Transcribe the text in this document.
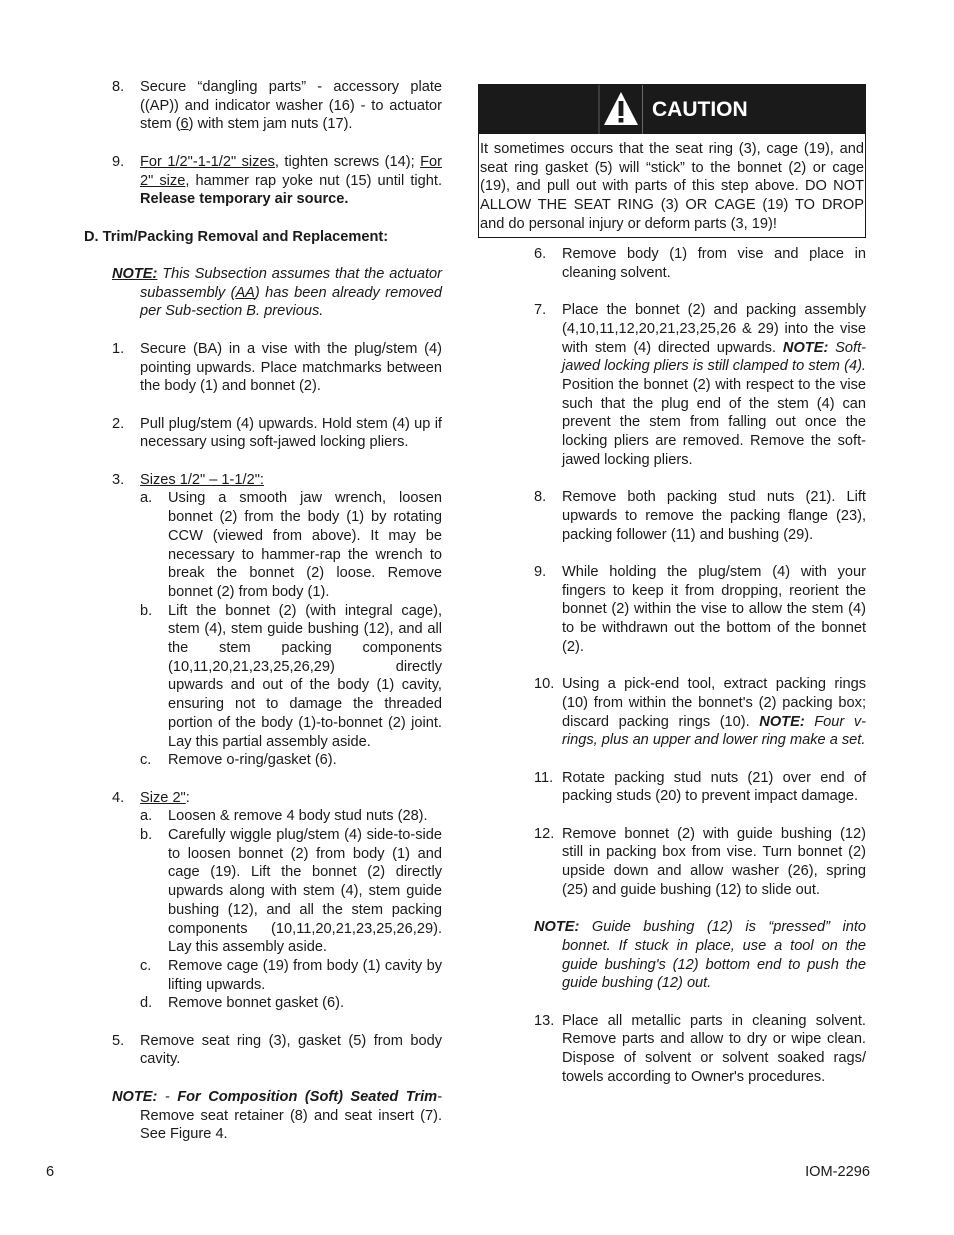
8. Secure “dangling parts” - accessory plate ((AP)) and indicator washer (16) - to actuator stem (6) with stem jam nuts (17).
9. For 1/2"-1-1/2" sizes, tighten screws (14); For 2" size, hammer rap yoke nut (15) until tight. Release temporary air source.
D. Trim/Packing Removal and Replacement:
NOTE: This Subsection assumes that the actuator subassembly (AA) has been already removed per Sub-section B. previous.
1. Secure (BA) in a vise with the plug/stem (4) pointing upwards. Place matchmarks between the body (1) and bonnet (2).
2. Pull plug/stem (4) upwards. Hold stem (4) up if necessary using soft-jawed locking pliers.
3. Sizes 1/2" – 1-1/2":
a. Using a smooth jaw wrench, loosen bonnet (2) from the body (1) by rotating CCW (viewed from above). It may be necessary to hammer-rap the wrench to break the bonnet (2) loose. Remove bonnet (2) from body (1).
b. Lift the bonnet (2) (with integral cage), stem (4), stem guide bushing (12), and all the stem packing components (10,11,20,21,23,25,26,29) directly upwards and out of the body (1) cavity, ensuring not to damage the threaded portion of the body (1)-to-bonnet (2) joint. Lay this partial assembly aside.
c. Remove o-ring/gasket (6).
4. Size 2":
a. Loosen & remove 4 body stud nuts (28).
b. Carefully wiggle plug/stem (4) side-to-side to loosen bonnet (2) from body (1) and cage (19). Lift the bonnet (2) directly upwards along with stem (4), stem guide bushing (12), and all the stem packing components (10,11,20,21,23,25,26,29). Lay this assembly aside.
c. Remove cage (19) from body (1) cavity by lifting upwards.
d. Remove bonnet gasket (6).
5. Remove seat ring (3), gasket (5) from body cavity.
NOTE: - For Composition (Soft) Seated Trim- Remove seat retainer (8) and seat insert (7). See Figure 4.
CAUTION
It sometimes occurs that the seat ring (3), cage (19), and seat ring gasket (5) will “stick” to the bonnet (2) or cage (19), and pull out with parts of this step above. DO NOT ALLOW THE SEAT RING (3) OR CAGE (19) TO DROP and do personal injury or deform parts (3, 19)!
6. Remove body (1) from vise and place in cleaning solvent.
7. Place the bonnet (2) and packing assembly (4,10,11,12,20,21,23,25,26 & 29) into the vise with stem (4) directed upwards. NOTE: Soft-jawed locking pliers is still clamped to stem (4). Position the bonnet (2) with respect to the vise such that the plug end of the stem (4) can prevent the stem from falling out once the locking pliers are removed. Remove the soft-jawed locking pliers.
8. Remove both packing stud nuts (21). Lift upwards to remove the packing flange (23), packing follower (11) and bushing (29).
9. While holding the plug/stem (4) with your fingers to keep it from dropping, reorient the bonnet (2) within the vise to allow the stem (4) to be withdrawn out the bottom of the bonnet (2).
10. Using a pick-end tool, extract packing rings (10) from within the bonnet's (2) packing box; discard packing rings (10). NOTE: Four v-rings, plus an upper and lower ring make a set.
11. Rotate packing stud nuts (21) over end of packing studs (20) to prevent impact damage.
12. Remove bonnet (2) with guide bushing (12) still in packing box from vise. Turn bonnet (2) upside down and allow washer (26), spring (25) and guide bushing (12) to slide out.
NOTE: Guide bushing (12) is “pressed” into bonnet. If stuck in place, use a tool on the guide bushing's (12) bottom end to push the guide bushing (12) out.
13. Place all metallic parts in cleaning solvent. Remove parts and allow to dry or wipe clean. Dispose of solvent or solvent soaked rags/ towels according to Owner's procedures.
6	IOM-2296
